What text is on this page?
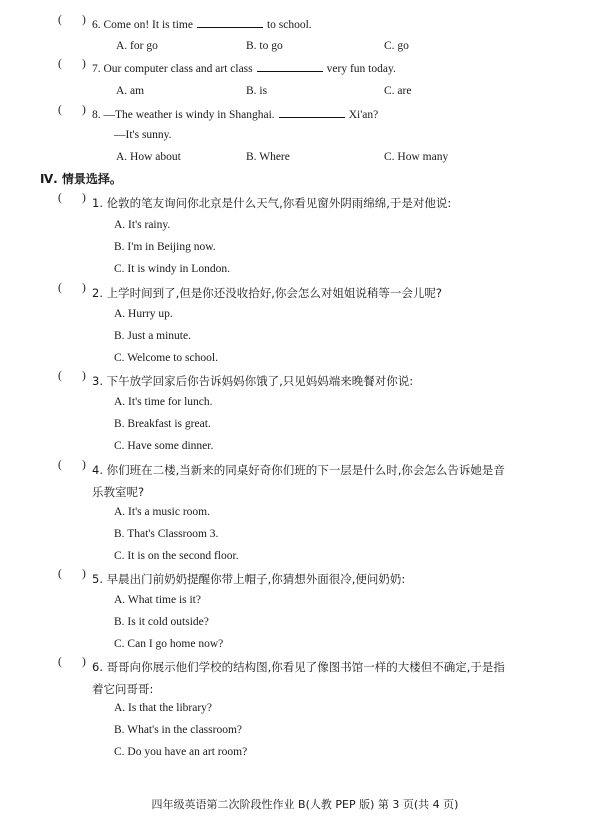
(       ) 6. Come on! It is time	to school.
A. for go	B. to go	C. go
(       ) 7. Our computer class and art class	very fun today.
A. am	B. is	C. are
(       ) 8. —The weather is windy in Shanghai.	Xi'an?
—It's sunny.
A. How about	B. Where	C. How many
Ⅳ. 情景选择。
(       ) 1. 伦敦的笔友询问你北京是什么天气,你看见窗外阴雨绵绵,于是对他说:
A. It's rainy.
B. I'm in Beijing now.
C. It is windy in London.
(       ) 2. 上学时间到了,但是你还没收拾好,你会怎么对姐姐说稍等一会儿呢?
A. Hurry up.
B. Just a minute.
C. Welcome to school.
(       ) 3. 下午放学回家后你告诉妈妈你饿了,只见妈妈端来晚餐对你说:
A. It's time for lunch.
B. Breakfast is great.
C. Have some dinner.
(       ) 4. 你们班在二楼,当新来的同桌好奇你们班的下一层是什么时,你会怎么告诉她是音
乐教室呢?
A. It's a music room.
B. That's Classroom 3.
C. It is on the second floor.
(       ) 5. 早晨出门前奶奶提醒你带上帽子,你猜想外面很冷,便问奶奶:
A. What time is it?
B. Is it cold outside?
C. Can I go home now?
(       ) 6. 哥哥向你展示他们学校的结构图,你看见了像图书馆一样的大楼但不确定,于是指
着它问哥哥:
A. Is that the library?
B. What's in the classroom?
C. Do you have an art room?
四年级英语第二次阶段性作业 B(人教 PEP 版) 第 3 页(共 4 页)
